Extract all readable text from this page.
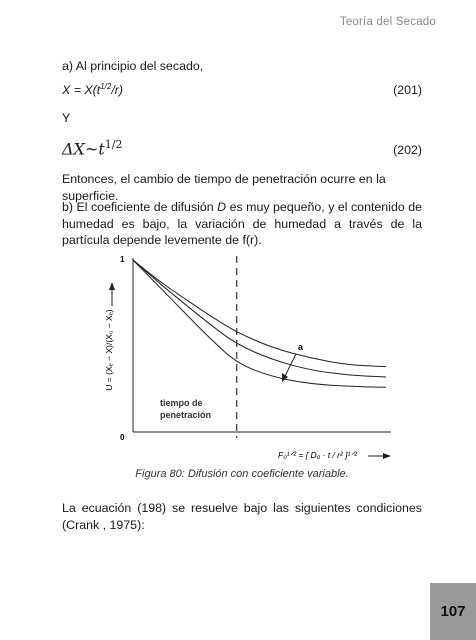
Teoría del Secado

a) Al principio del secado,

$X = X(t^{1/2}/r)$	(201)

Y

$\Delta X\sim t^{1/2}$	(202)

Entonces, el cambio de tiempo de penetración ocurre en la superficie.

b) El coeficiente de difusión D es muy pequeño, y el contenido de humedad es bajo, la variación de humedad a través de la partícula depende levemente de f(r).

1
0
U = (Xₑ − X)/(X₀ − Xₑ)	a
tiempo de
penetración
F₀¹ᐟ² = [ D₀ · t / r² ]¹ᐟ²
Figura 80: Difusión con coeficiente variable.

La ecuación (198) se resuelve bajo las siguientes condiciones (Crank , 1975):

107
